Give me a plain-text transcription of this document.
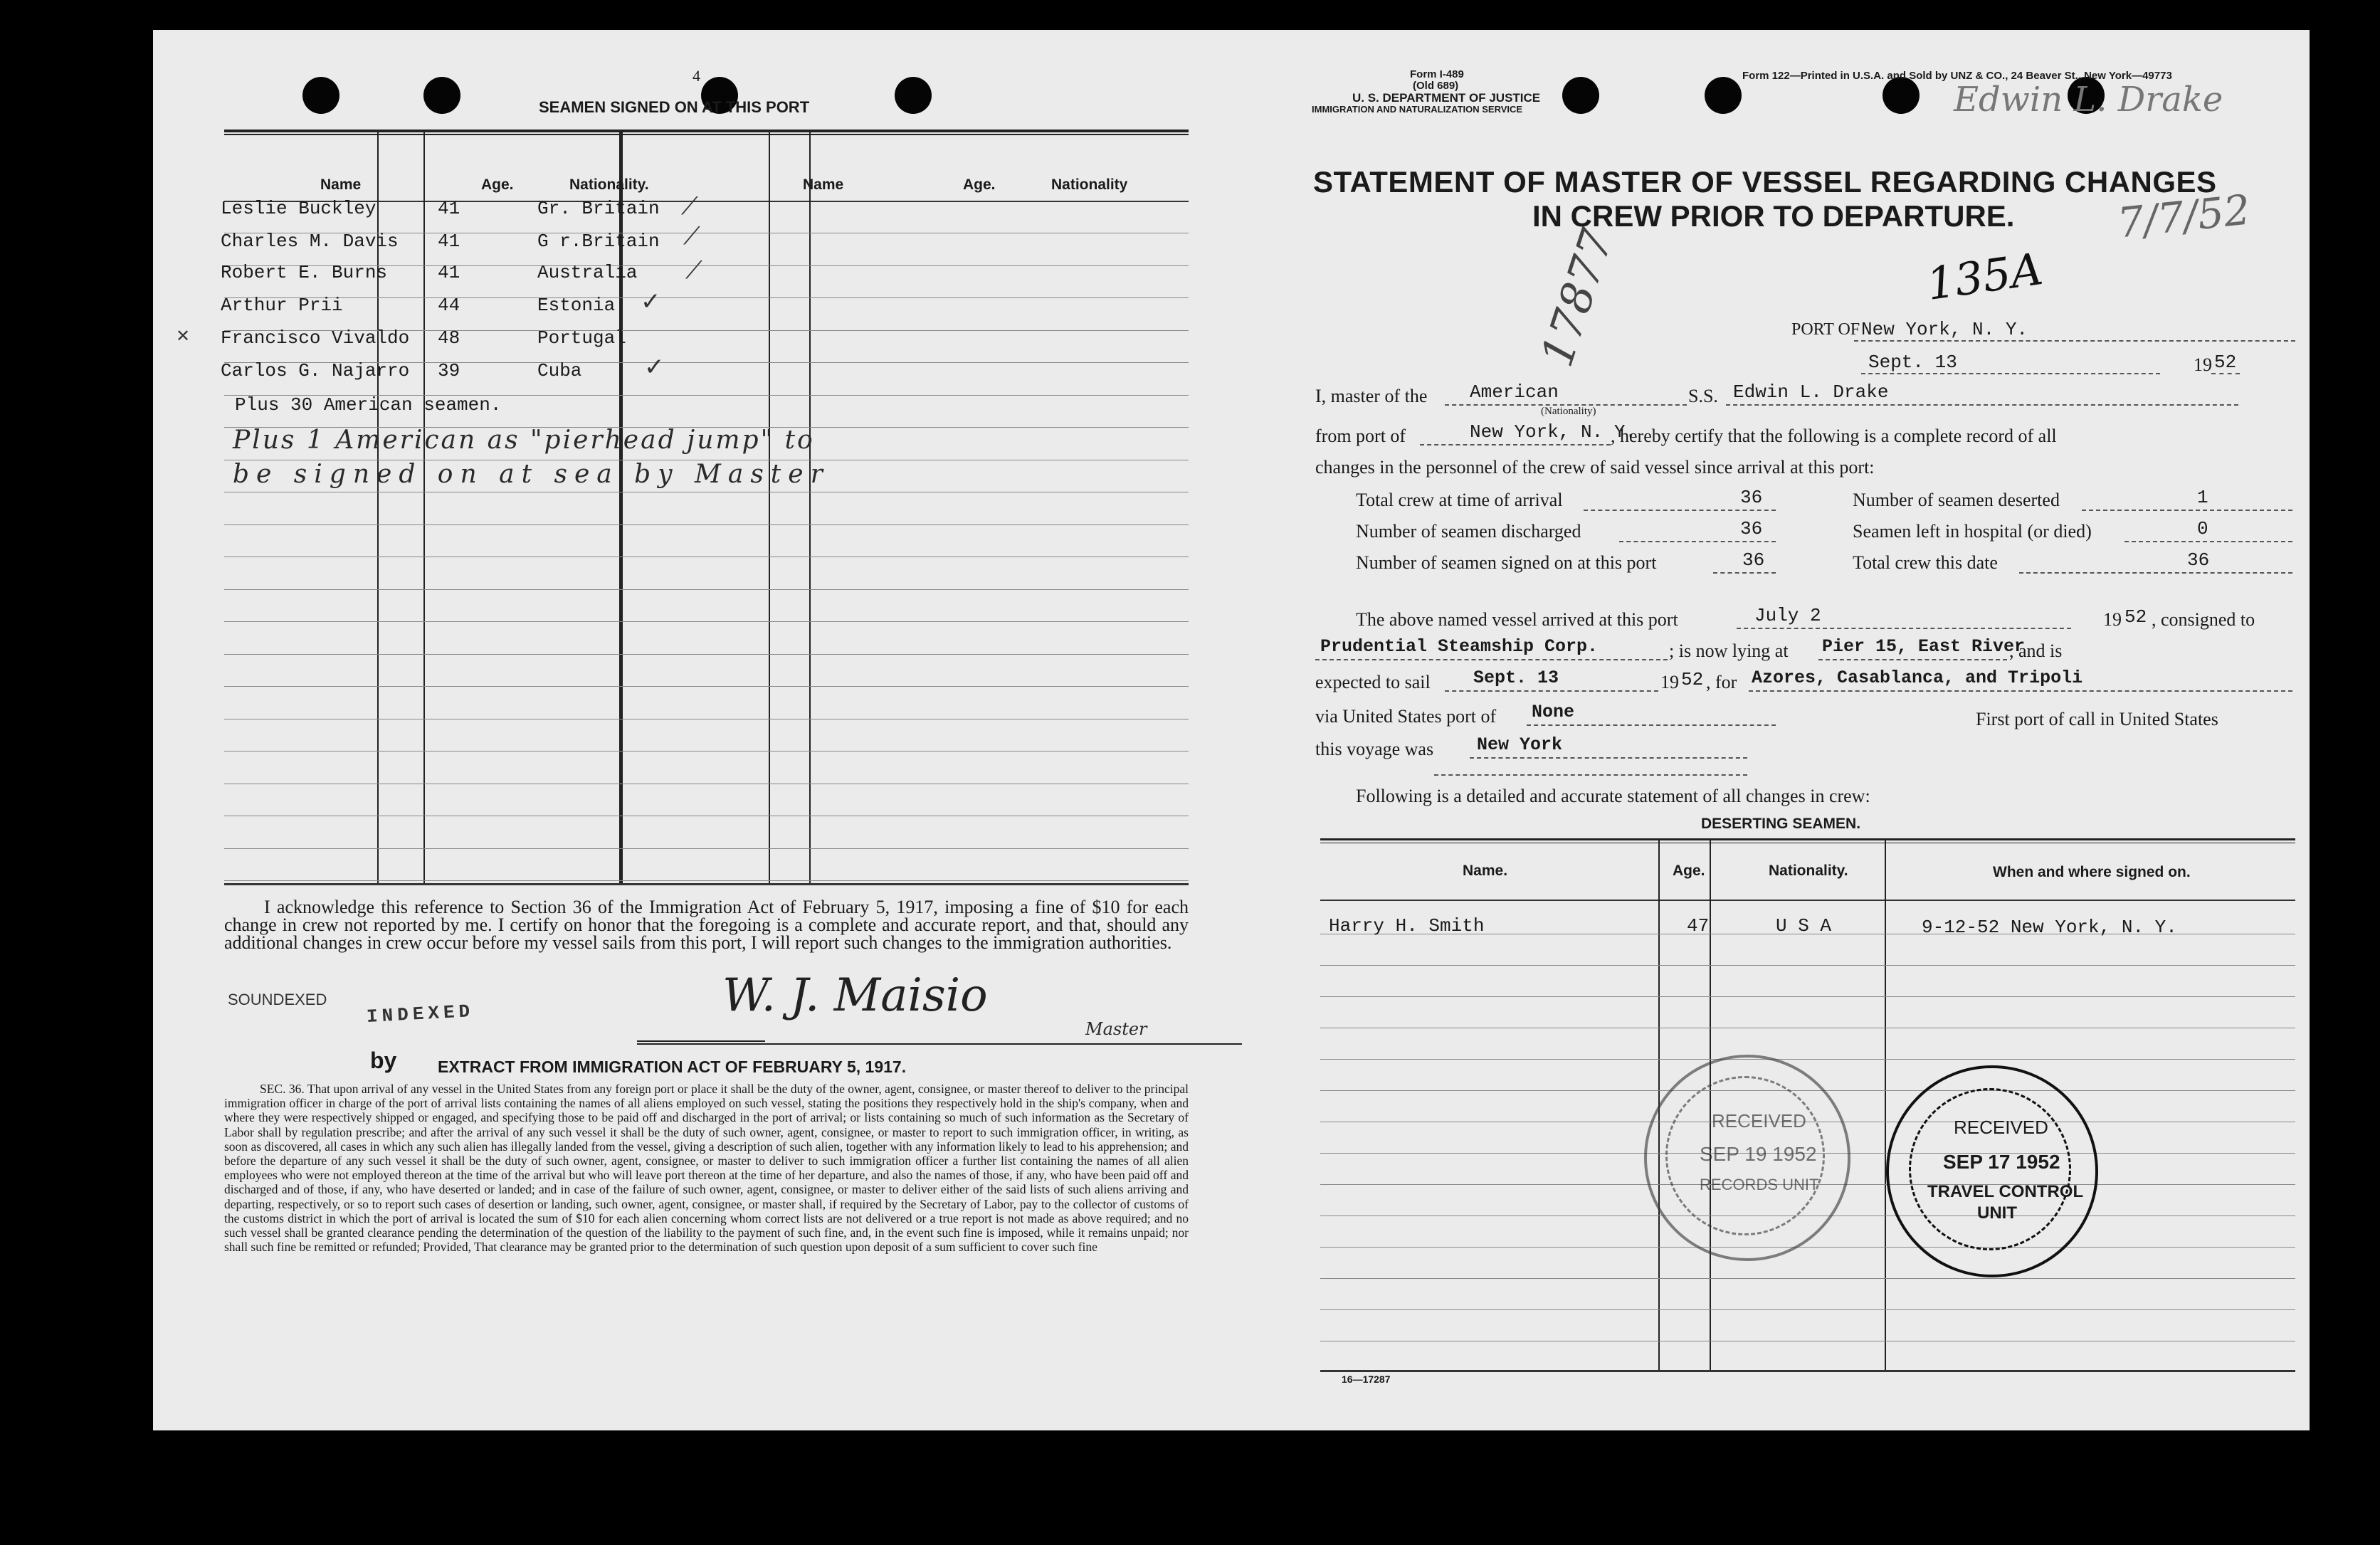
4
SEAMEN SIGNED ON AT THIS PORT
Name	Age.	Nationality.	Name	Age.	Nationality
Leslie Buckley	41	Gr. Britain
Charles M. Davis 41	G r.Britain
Robert E. Burns	41	Australia
Arthur Prii	44	Estonia
Francisco Vivaldo 48	Portugal
Carlos G. Najarro 39	Cuba
⟋
⟋
⟋
✓
✕
✓
Plus 30 American seamen.
Plus 1 American as "pierhead jump" to
be signed on at sea by Master
I acknowledge this reference to Section 36 of the Immigration Act of February 5, 1917, imposing a fine of $10 for each change in crew not reported by me. I certify on honor that the foregoing is a complete and accurate report, and that, should any additional changes in crew occur before my vessel sails from this port, I will report such changes to the immigration authorities.
SOUNDEXED
INDEXED
by
W. J. Maisio
Master
EXTRACT FROM IMMIGRATION ACT OF FEBRUARY 5, 1917.
SEC. 36. That upon arrival of any vessel in the United States from any foreign port or place it shall be the duty of the owner, agent, consignee, or master thereof to deliver to the principal immigration officer in charge of the port of arrival lists containing the names of all aliens employed on such vessel, stating the positions they respectively hold in the ship's company, when and where they were respectively shipped or engaged, and specifying those to be paid off and discharged in the port of arrival; or lists containing so much of such information as the Secretary of Labor shall by regulation prescribe; and after the arrival of any such vessel it shall be the duty of such owner, agent, consignee, or master to report to such immigration officer, in writing, as soon as discovered, all cases in which any such alien has illegally landed from the vessel, giving a description of such alien, together with any information likely to lead to his apprehension; and before the departure of any such vessel it shall be the duty of such owner, agent, consignee, or master to deliver to such immigration officer a further list containing the names of all alien employees who were not employed thereon at the time of the arrival but who will leave port thereon at the time of her departure, and also the names of those, if any, who have been paid off and discharged and of those, if any, who have deserted or landed; and in case of the failure of such owner, agent, consignee, or master to deliver either of the said lists of such aliens arriving and departing, respectively, or so to report such cases of desertion or landing, such owner, agent, consignee, or master shall, if required by the Secretary of Labor, pay to the collector of customs of the customs district in which the port of arrival is located the sum of $10 for each alien concerning whom correct lists are not delivered or a true report is not made as above required; and no such vessel shall be granted clearance pending the determination of the question of the liability to the payment of such fine, and, in the event such fine is imposed, while it remains unpaid; nor shall such fine be remitted or refunded; Provided, That clearance may be granted prior to the determination of such question upon deposit of a sum sufficient to cover such fine
Form I-489
(Old 689)
U. S. DEPARTMENT OF JUSTICE
IMMIGRATION AND NATURALIZATION SERVICE
Form 122—Printed in U.S.A. and Sold by UNZ & CO., 24 Beaver St., New York—49773
Edwin L. Drake
7/7/52
STATEMENT OF MASTER OF VESSEL REGARDING CHANGES
IN CREW PRIOR TO DEPARTURE.
17877	135A
PORT OF New York, N. Y.
Sept. 13	19 52
I, master of the American
(Nationality)
S.S. Edwin L. Drake
from port of	New York, N. Y.
, hereby certify that the following is a complete record of all
changes in the personnel of the crew of said vessel since arrival at this port:
Total crew at time of arrival	36
Number of seamen discharged	36
Number of seamen signed on at this port	36
Number of seamen deserted	1
Seamen left in hospital (or died)	0
Total crew this date	36
The above named vessel arrived at this port	July 2	19 52 , consigned to
Prudential Steamship Corp.	; is now lying at Pier 15, East River
, and is
expected to sail Sept. 13	19 52 , for Azores, Casablanca, and Tripoli
via United States port of None	First port of call in United States
this voyage was New York
Following is a detailed and accurate statement of all changes in crew:
DESERTING SEAMEN.
Name.	Age.	Nationality.	When and where signed on.
Harry H. Smith	47	U S A	9-12-52 New York, N. Y.
RECEIVED
SEP 19 1952
RECORDS UNIT
RECEIVED
SEP 17 1952
TRAVEL CONTROL
UNIT
16—17287
